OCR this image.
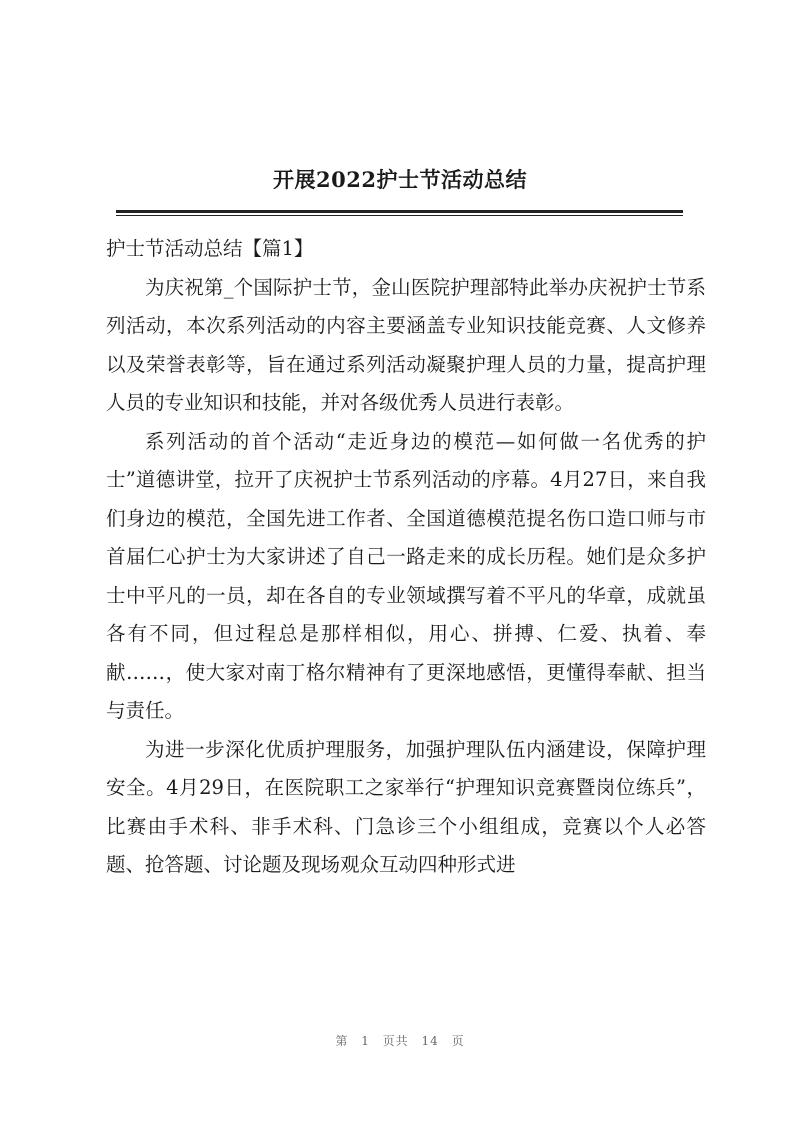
开展2022护士节活动总结

护士节活动总结【篇1】

为庆祝第_个国际护士节，金山医院护理部特此举办庆祝护士节系列活动，本次系列活动的内容主要涵盖专业知识技能竞赛、人文修养以及荣誉表彰等，旨在通过系列活动凝聚护理人员的力量，提高护理人员的专业知识和技能，并对各级优秀人员进行表彰。

系列活动的首个活动“走近身边的模范—如何做一名优秀的护士”道德讲堂，拉开了庆祝护士节系列活动的序幕。4月27日，来自我们身边的模范，全国先进工作者、全国道德模范提名伤口造口师与市首届仁心护士为大家讲述了自己一路走来的成长历程。她们是众多护士中平凡的一员，却在各自的专业领域撰写着不平凡的华章，成就虽各有不同，但过程总是那样相似，用心、拼搏、仁爱、执着、奉献……，使大家对南丁格尔精神有了更深地感悟，更懂得奉献、担当与责任。

为进一步深化优质护理服务，加强护理队伍内涵建设，保障护理安全。4月29日，在医院职工之家举行“护理知识竞赛暨岗位练兵”，比赛由手术科、非手术科、门急诊三个小组组成，竞赛以个人必答题、抢答题、讨论题及现场观众互动四种形式进

第 1 页共 14 页
